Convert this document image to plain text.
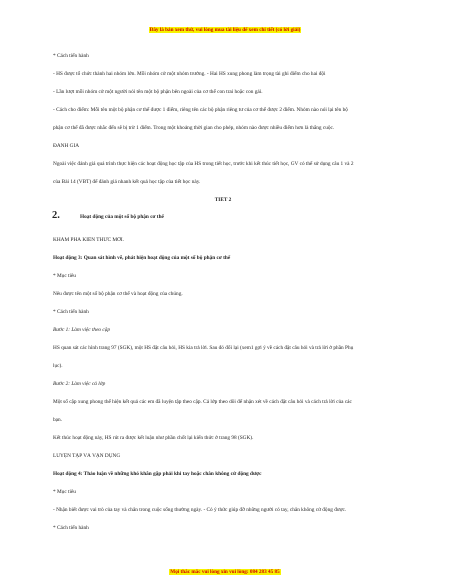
Đây là bản xem thử, vui lòng mua tài liệu để xem chi tiết (có lời giải)
2.	Hoạt động của một số bộ phận cơ thể

* Cách tiến hành

- HS được tổ chức thành hai nhóm lớn. Mỗi nhóm cử một nhóm trưởng. - Hai HS xung phong làm trọng tài ghi điểm cho hai đội

- Lần lượt mỗi nhóm cử một người nói tên một bộ phận bên ngoài của cơ thể con trai hoặc con gái.

- Cách cho điểm: Mỗi tên một bộ phận cơ thể được 1 điểm, riêng tên các bộ phận riêng tư của cơ thể được 2 điểm. Nhóm nào nói lại tên bộ

phận cơ thể đã được nhắc đến sẽ bị trừ 1 điểm. Trong một khoảng thời gian cho phép, nhóm nào được nhiều điểm hơn là thắng cuộc.

ĐÁNH GIÁ

Ngoài việc đánh giá quá trình thực hiện các hoạt động học tập của HS trong tiết học, trước khi kết thúc tiết học, GV có thể sử dụng câu 1 và 2

của Bài 14 (VBT) để đánh giá nhanh kết quả học tập của tiết học này.

TIẾT 2

KHÁM PHÁ KIẾN THỨC MỚI.

Hoạt động 3: Quan sát hình vẽ, phát hiện hoạt động của một số bộ phận cơ thể

* Mục tiêu

Nêu được tên một số bộ phận cơ thể và hoạt động của chúng.

* Cách tiến hành

Bước 1: Làm việc theo cặp

HS quan sát các hình trang 97 (SGK), một HS đặt câu hỏi, HS kia trả lời. Sau đó đổi lại (xem1 gợi ý về cách đặt câu hỏi và trả lời ở phần Phụ

lục).

Bước 2: Làm việc cả lớp

Một số cặp xung phong thể hiện kết quả các em đã luyện tập theo cặp. Cả lớp theo dõi để nhận xét về cách đặt câu hỏi và cách trả lời của các

bạn.

Kết thúc hoạt động này, HS rút ra được kết luận như phần chốt lại kiến thức ở trang 98 (SGK).

LUYỆN TẬP VÀ VẬN DỤNG

Hoạt động 4: Thảo luận về những khó khăn gặp phải khi tay hoặc chân không cử động được

* Mục tiêu

- Nhận biết được vai trò của tay và chân trong cuộc sống thường ngày. - Có ý thức giúp đỡ những người có tay, chân không cử động được.

* Cách tiến hành

Mọi thắc mắc vui lòng xin vui lòng: 084 283 45 85
